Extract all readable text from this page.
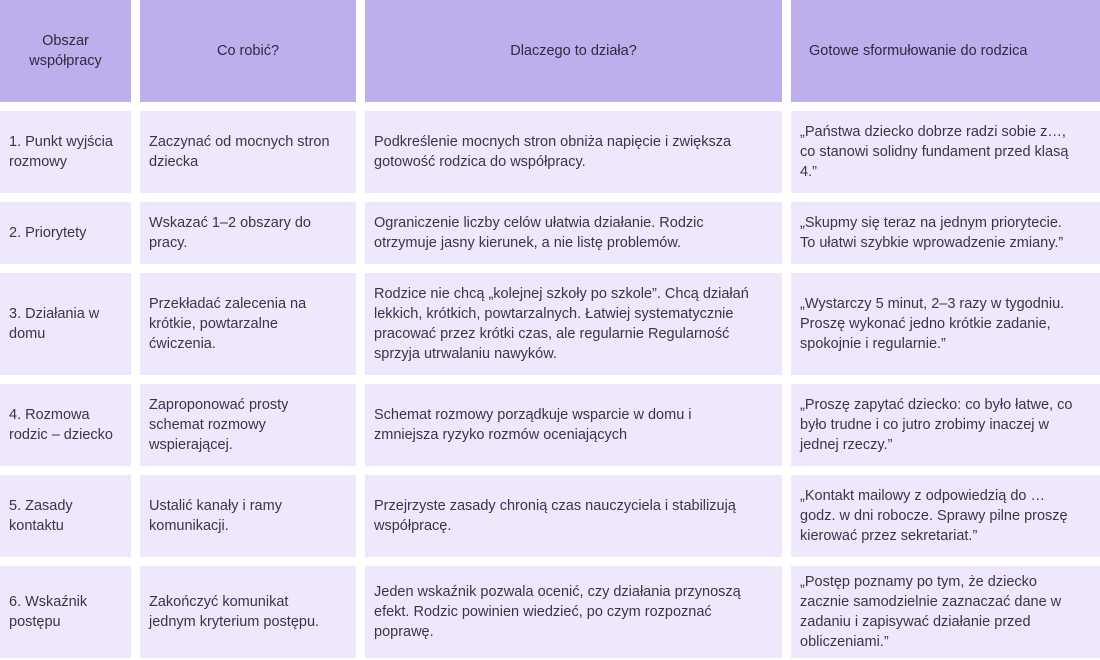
Obszar
współpracy
Co robić?	Dlaczego to działa?	Gotowe sformułowanie do rodzica
1. Punkt wyjścia
rozmowy
Zaczynać od mocnych stron
dziecka
Podkreślenie mocnych stron obniża napięcie i zwiększa
gotowość rodzica do współpracy.
„Państwa dziecko dobrze radzi sobie z…,
co stanowi solidny fundament przed klasą
4.”
2. Priorytety
Wskazać 1–2 obszary do
pracy.
Ograniczenie liczby celów ułatwia działanie. Rodzic
otrzymuje jasny kierunek, a nie listę problemów.
„Skupmy się teraz na jednym priorytecie.
To ułatwi szybkie wprowadzenie zmiany.”
3. Działania w
domu
Przekładać zalecenia na
krótkie, powtarzalne
ćwiczenia.
Rodzice nie chcą „kolejnej szkoły po szkole”. Chcą działań
lekkich, krótkich, powtarzalnych. Łatwiej systematycznie
pracować przez krótki czas, ale regularnie Regularność
sprzyja utrwalaniu nawyków.
„Wystarczy 5 minut, 2–3 razy w tygodniu.
Proszę wykonać jedno krótkie zadanie,
spokojnie i regularnie.”
4. Rozmowa
rodzic – dziecko
Zaproponować prosty
schemat rozmowy
wspierającej.
Schemat rozmowy porządkuje wsparcie w domu i
zmniejsza ryzyko rozmów oceniających
„Proszę zapytać dziecko: co było łatwe, co
było trudne i co jutro zrobimy inaczej w
jednej rzeczy.”
5. Zasady
kontaktu
Ustalić kanały i ramy
komunikacji.
Przejrzyste zasady chronią czas nauczyciela i stabilizują
współpracę.
„Kontakt mailowy z odpowiedzią do …
godz. w dni robocze. Sprawy pilne proszę
kierować przez sekretariat.”
6. Wskaźnik
postępu
Zakończyć komunikat
jednym kryterium postępu.
Jeden wskaźnik pozwala ocenić, czy działania przynoszą
efekt. Rodzic powinien wiedzieć, po czym rozpoznać
poprawę.
„Postęp poznamy po tym, że dziecko
zacznie samodzielnie zaznaczać dane w
zadaniu i zapisywać działanie przed
obliczeniami.”
